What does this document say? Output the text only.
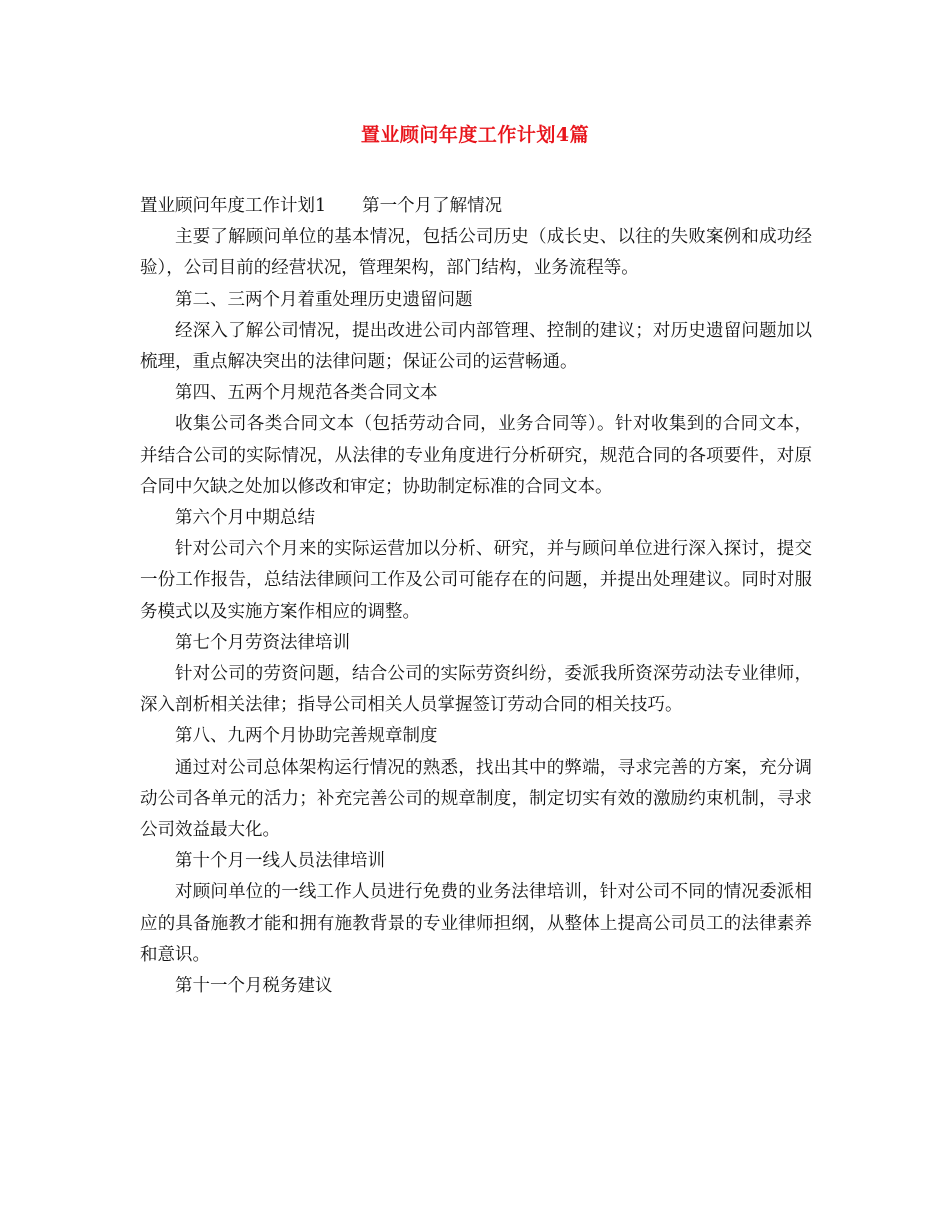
置业顾问年度工作计划4篇

置业顾问年度工作计划1 第一个月了解情况

主要了解顾问单位的基本情况，包括公司历史（成长史、以往的失败案例和成功经验），公司目前的经营状况，管理架构，部门结构，业务流程等。

第二、三两个月着重处理历史遗留问题

经深入了解公司情况，提出改进公司内部管理、控制的建议；对历史遗留问题加以梳理，重点解决突出的法律问题；保证公司的运营畅通。

第四、五两个月规范各类合同文本

收集公司各类合同文本（包括劳动合同，业务合同等）。针对收集到的合同文本，并结合公司的实际情况，从法律的专业角度进行分析研究，规范合同的各项要件，对原合同中欠缺之处加以修改和审定；协助制定标准的合同文本。

第六个月中期总结

针对公司六个月来的实际运营加以分析、研究，并与顾问单位进行深入探讨，提交一份工作报告，总结法律顾问工作及公司可能存在的问题，并提出处理建议。同时对服务模式以及实施方案作相应的调整。

第七个月劳资法律培训

针对公司的劳资问题，结合公司的实际劳资纠纷，委派我所资深劳动法专业律师，深入剖析相关法律；指导公司相关人员掌握签订劳动合同的相关技巧。

第八、九两个月协助完善规章制度

通过对公司总体架构运行情况的熟悉，找出其中的弊端，寻求完善的方案，充分调动公司各单元的活力；补充完善公司的规章制度，制定切实有效的激励约束机制，寻求公司效益最大化。

第十个月一线人员法律培训

对顾问单位的一线工作人员进行免费的业务法律培训，针对公司不同的情况委派相应的具备施教才能和拥有施教背景的专业律师担纲，从整体上提高公司员工的法律素养和意识。

第十一个月税务建议
